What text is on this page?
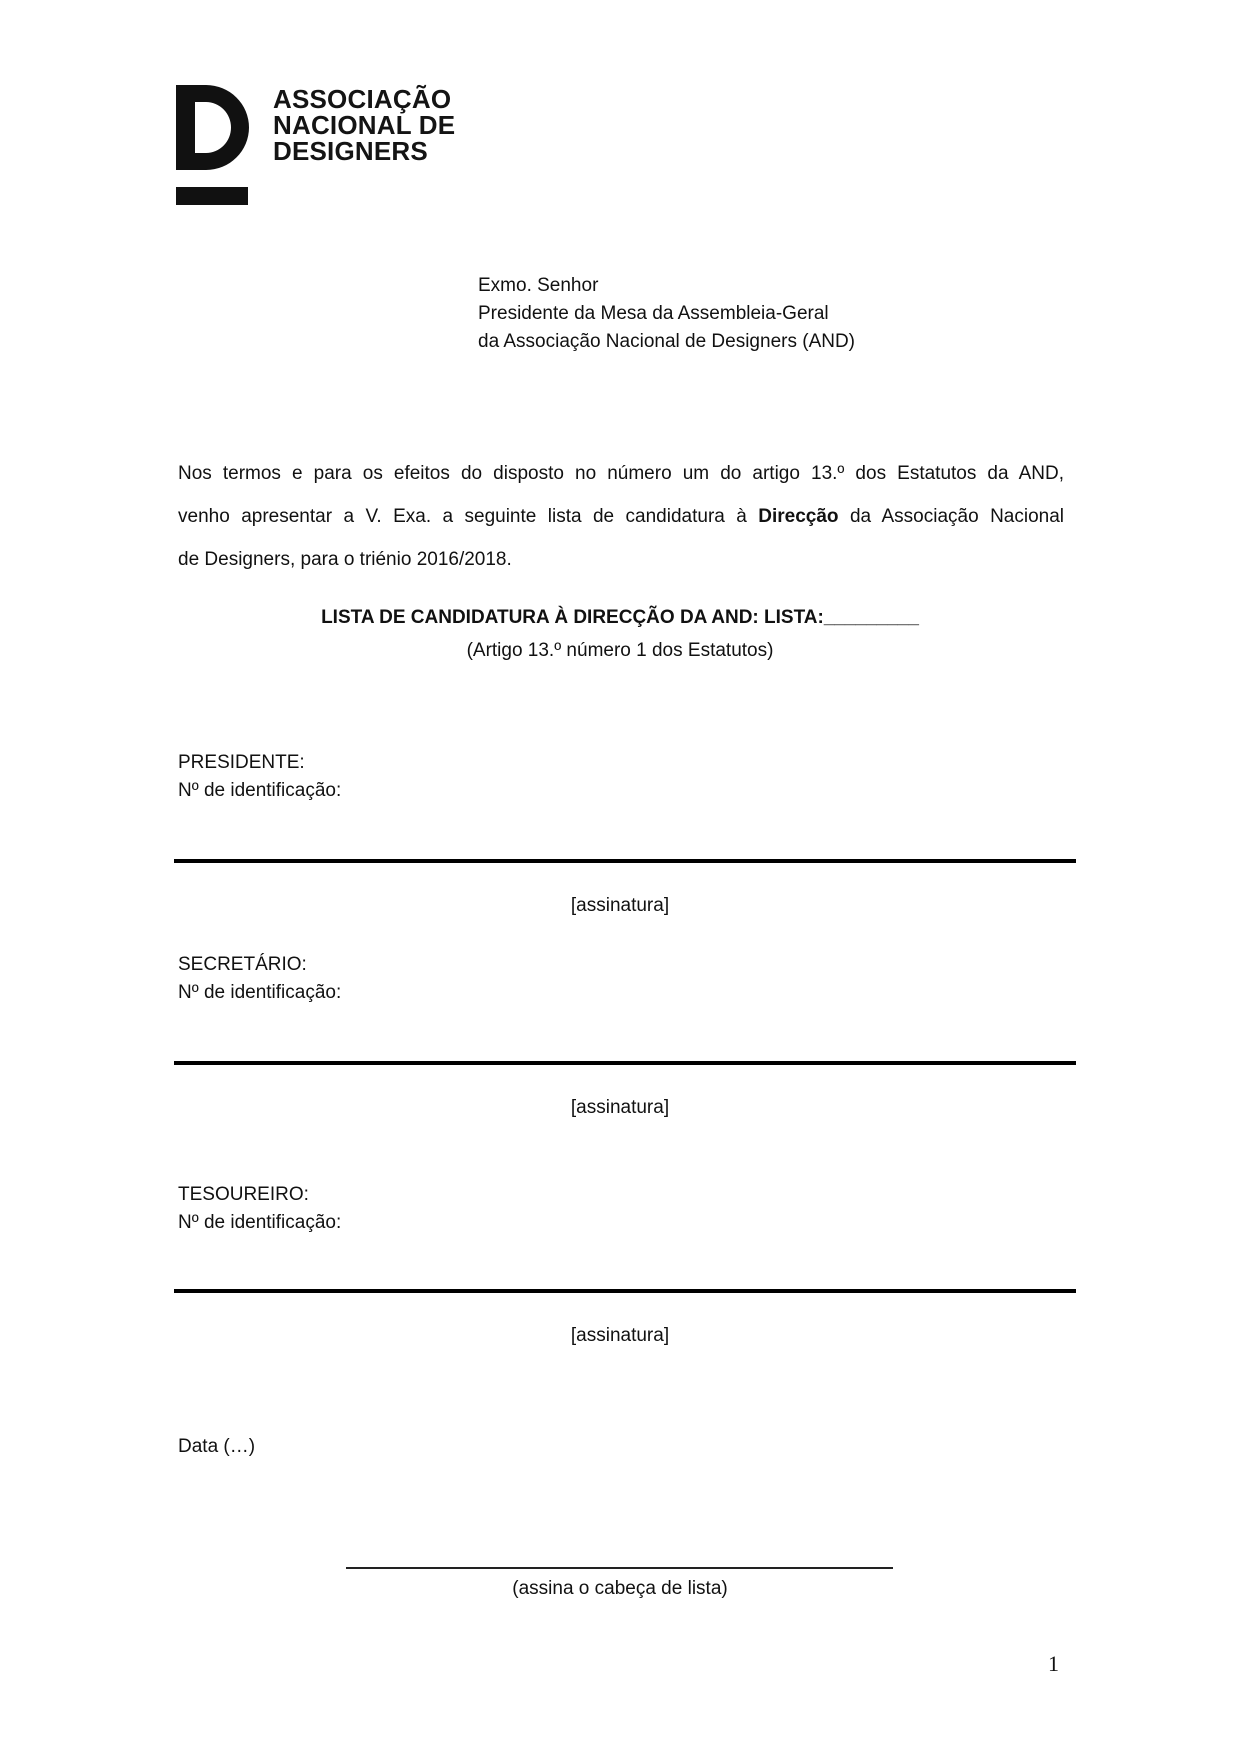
ASSOCIAÇÃO
NACIONAL DE
DESIGNERS
Exmo. Senhor
Presidente da Mesa da Assembleia-Geral
da Associação Nacional de Designers (AND)
Nos termos e para os efeitos do disposto no número um do artigo 13.º dos Estatutos da AND,
venho apresentar a V. Exa. a seguinte lista de candidatura à Direcção da Associação Nacional
de Designers, para o triénio 2016/2018.
LISTA DE CANDIDATURA À DIRECÇÃO DA AND: LISTA:_________
(Artigo 13.º número 1 dos Estatutos)
PRESIDENTE:
Nº de identificação:
[assinatura]
SECRETÁRIO:
Nº de identificação:
[assinatura]
TESOUREIRO:
Nº de identificação:
[assinatura]
Data (…)
(assina o cabeça de lista)
1
